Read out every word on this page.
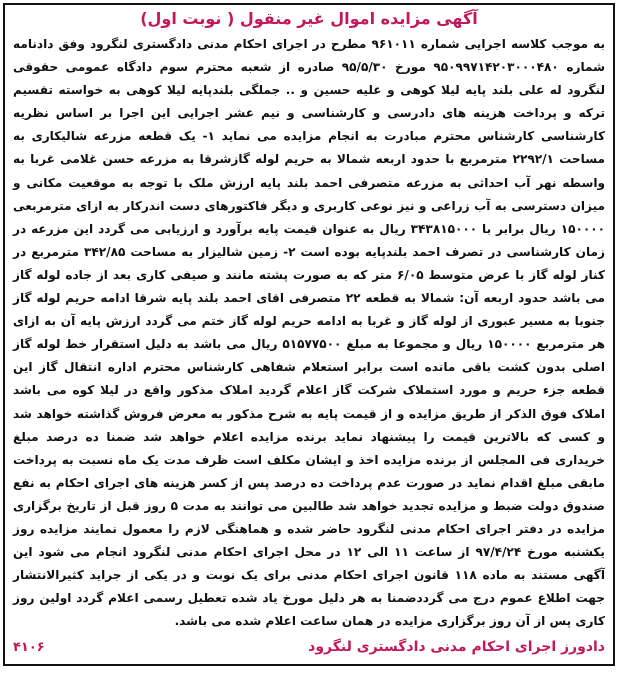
آگهی مزایده اموال غیر منقول ( نوبت اول)

به موجب کلاسه اجرایی شماره ۹۶۱۰۱۱ مطرح در اجرای احکام مدنی دادگستری لنگرود وفق دادنامه شماره ۹۵۰۹۹۷۱۴۲۰۳۰۰۰۴۸۰ مورخ ۹۵/۵/۳۰ صادره از شعبه محترم سوم دادگاه عمومی حقوقی لنگرود له علی بلند پایه لیلا کوهی و علیه حسین و .. جملگی بلندپایه لیلا کوهی به خواسته تقسیم ترکه و پرداخت هزینه های دادرسی و کارشناسی و نیم عشر اجرایی این اجرا بر اساس نظریه کارشناسی کارشناس محترم مبادرت به انجام مزایده می نماید ۱- یک قطعه مزرعه شالیکاری به مساحت ۲۲۹۲/۱ مترمربع با حدود اربعه شمالا به حریم لوله گازشرقا به مزرعه حسن غلامی غربا به واسطه نهر آب احداثی به مزرعه متصرفی احمد بلند پایه ارزش ملک با توجه به موقعیت مکانی و میزان دسترسی به آب زراعی و نیز نوعی کاربری و دیگر فاکتورهای دست اندرکار به ازای مترمربعی ۱۵۰۰۰۰ ریال برابر با ۳۴۳۸۱۵۰۰۰ ریال به عنوان قیمت پایه برآورد و ارزیابی می گردد این مزرعه در زمان کارشناسی در تصرف احمد بلندپایه بوده است ۲- زمین شالیزار به مساحت ۳۴۲/۸۵ مترمربع در کنار لوله گاز با عرض متوسط ۶/۰۵ متر که به صورت پشته مانند و صیفی کاری بعد از جاده لوله گاز می باشد حدود اربعه آن: شمالا به قطعه ۲۲ متصرفی اقای احمد بلند پایه شرقا ادامه حریم لوله گاز جنوبا به مسیر عبوری از لوله گاز و غربا به ادامه حریم لوله گاز ختم می گردد ارزش پایه آن به ازای هر مترمربع ۱۵۰۰۰۰ ریال و مجموعا به مبلغ ۵۱۵۷۷۵۰۰ ریال می باشد به دلیل استقرار خط لوله گاز اصلی بدون کشت باقی مانده است برابر استعلام شفاهی کارشناس محترم اداره انتقال گاز این قطعه جزء حریم و مورد استملاک شرکت گاز اعلام گردید املاک مذکور واقع در لیلا کوه می باشد املاک فوق الذکر از طریق مزایده و از قیمت پایه به شرح مذکور به معرض فروش گذاشته خواهد شد و کسی که بالاترین قیمت را پیشنهاد نماید برنده مزایده اعلام خواهد شد ضمنا ده درصد مبلغ خریداری فی المجلس از برنده مزایده اخذ و ایشان مکلف است ظرف مدت یک ماه نسبت به پرداخت مابقی مبلغ اقدام نماید در صورت عدم پرداخت ده درصد پس از کسر هزینه های اجرای احکام به نفع صندوق دولت ضبط و مزایده تجدید خواهد شد طالبین می توانند به مدت ۵ روز قبل از تاریخ برگزاری مزایده در دفتر اجرای احکام مدنی لنگرود حاضر شده و هماهنگی لازم را معمول نمایند مزایده روز یکشنبه مورخ ۹۷/۴/۲۴ از ساعت ۱۱ الی ۱۲ در محل اجرای احکام مدنی لنگرود انجام می شود این آگهی مستند به ماده ۱۱۸ قانون اجرای احکام مدنی برای یک نوبت و در یکی از جراید کثیرالانتشار جهت اطلاع عموم درج می گرددضمنا به هر دلیل مورخ یاد شده تعطیل رسمی اعلام گردد اولین روز کاری پس از آن روز برگزاری مزایده در همان ساعت اعلام شده می باشد.

دادورز اجرای احکام مدنی دادگستری لنگرود
۴۱۰۶
